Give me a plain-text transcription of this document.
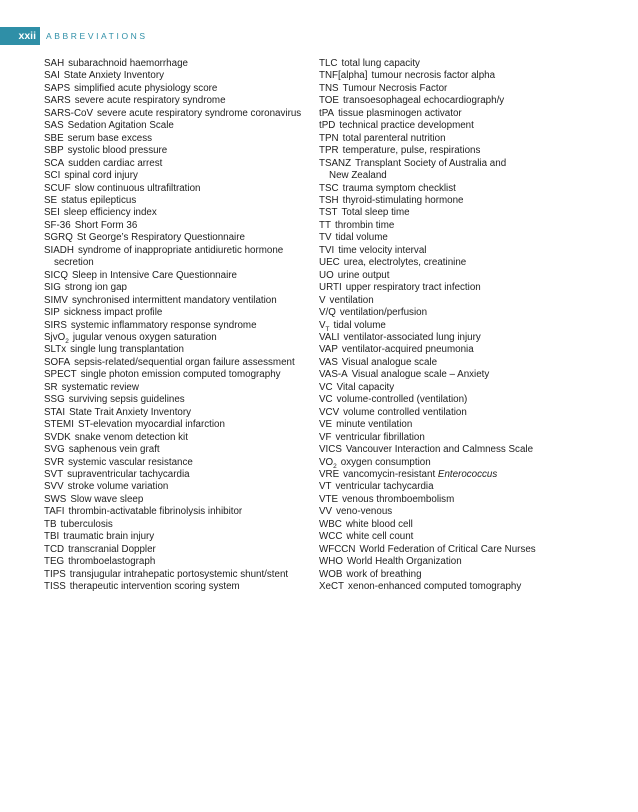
xxii	ABBREVIATIONS
SAH subarachnoid haemorrhage
SAI State Anxiety Inventory
SAPS simplified acute physiology score
SARS severe acute respiratory syndrome
SARS-CoV severe acute respiratory syndrome coronavirus
SAS Sedation Agitation Scale
SBE serum base excess
SBP systolic blood pressure
SCA sudden cardiac arrest
SCI spinal cord injury
SCUF slow continuous ultrafiltration
SE status epilepticus
SEI sleep efficiency index
SF-36 Short Form 36
SGRQ St George’s Respiratory Questionnaire
SIADH syndrome of inappropriate antidiuretic hormone
secretion
SICQ Sleep in Intensive Care Questionnaire
SIG strong ion gap
SIMV synchronised intermittent mandatory ventilation
SIP sickness impact profile
SIRS systemic inflammatory response syndrome
SjvO$_2$ jugular venous oxygen saturation
SLTx single lung transplantation
SOFA sepsis-related/sequential organ failure assessment
SPECT single photon emission computed tomography
SR systematic review
SSG surviving sepsis guidelines
STAI State Trait Anxiety Inventory
STEMI ST-elevation myocardial infarction
SVDK snake venom detection kit
SVG saphenous vein graft
SVR systemic vascular resistance
SVT supraventricular tachycardia
SVV stroke volume variation
SWS Slow wave sleep
TAFI thrombin-activatable fibrinolysis inhibitor
TB tuberculosis
TBI traumatic brain injury
TCD transcranial Doppler
TEG thromboelastograph
TIPS transjugular intrahepatic portosystemic shunt/stent
TISS therapeutic intervention scoring system
TLC total lung capacity
TNF[alpha] tumour necrosis factor alpha
TNS Tumour Necrosis Factor
TOE transoesophageal echocardiograph/y
tPA tissue plasminogen activator
tPD technical practice development
TPN total parenteral nutrition
TPR temperature, pulse, respirations
TSANZ Transplant Society of Australia and
New Zealand
TSC trauma symptom checklist
TSH thyroid-stimulating hormone
TST Total sleep time
TT thrombin time
TV tidal volume
TVI time velocity interval
UEC urea, electrolytes, creatinine
UO urine output
URTI upper respiratory tract infection
V ventilation
V/Q ventilation/perfusion
$V_T$ tidal volume
VALI ventilator-associated lung injury
VAP ventilator-acquired pneumonia
VAS Visual analogue scale
VAS-A Visual analogue scale – Anxiety
VC Vital capacity
VC volume-controlled (ventilation)
VCV volume controlled ventilation
VE minute ventilation
VF ventricular fibrillation
VICS Vancouver Interaction and Calmness Scale
$VO_2$ oxygen consumption
VRE vancomycin-resistant Enterococcus
VT ventricular tachycardia
VTE venous thromboembolism
VV veno-venous
WBC white blood cell
WCC white cell count
WFCCN World Federation of Critical Care Nurses
WHO World Health Organization
WOB work of breathing
XeCT xenon-enhanced computed tomography
